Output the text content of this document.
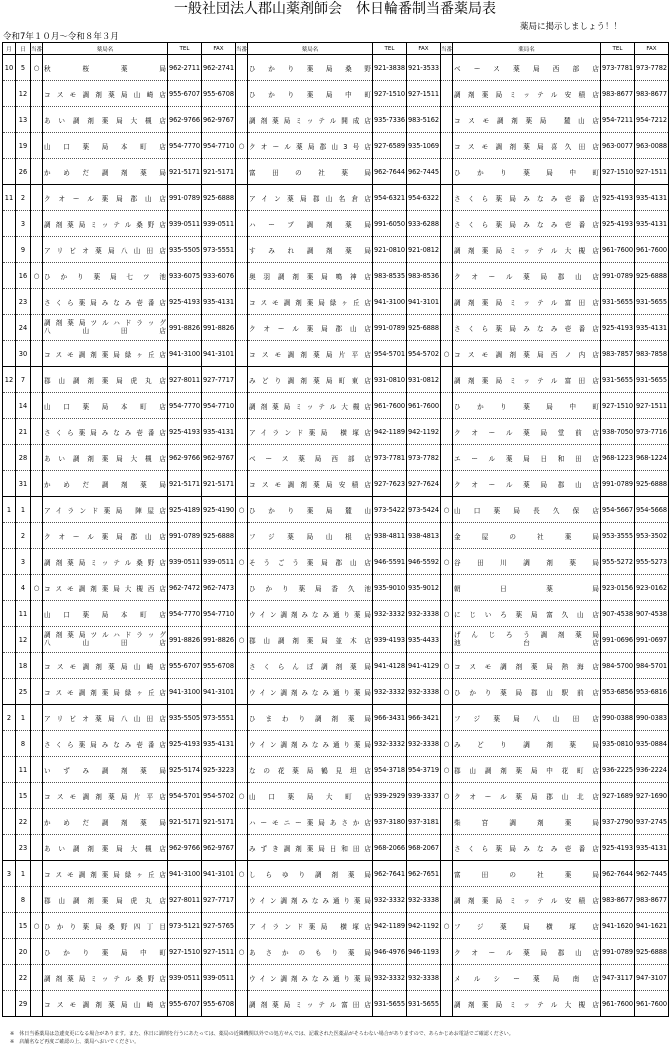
一般社団法人郡山薬剤師会　休日輪番制当番薬局表
薬局に掲示しましょう！！
令和7年１０月～令和８年３月
月	日	当番	薬局名	TEL	FAX	当番	薬局名	TEL	FAX	当番	薬局名	TEL	FAX
10	5	○	秋　桜　薬　局	962-2711	962-2741		ひかり薬局桑野	921-3838	921-3533		ベース薬局西部店	973-7781	973-7782
	12		コスモ調剤薬局山崎店	955-6707	955-6708		ひかり薬局中町	927-1510	927-1511		調剤薬局ミッテル安積店	983-8677	983-8677
	13		あい調剤薬局大槻店	962-9766	962-9767		調剤薬局ミッテル開成店	935-7336	983-5162		コスモ調剤薬局 麓山店	954-7211	954-7212
	19		山口薬局本町店	954-7770	954-7710	○	クオール薬局郡山3号店	927-6589	935-1069		コスモ調剤薬局喜久田店	963-0077	963-0088
	26		かめだ調剤薬局	921-5171	921-5171		富田の社薬局	962-7644	962-7445		ひかり薬局中町	927-1510	927-1511
11	2		クオール薬局郡山店	991-0789	925-6888		アイン薬局郡山名倉店	954-6321	954-6322		さくら薬局みなみ壱番店	925-4193	935-4131
	3		調剤薬局ミッテル桑野店	939-0511	939-0511		ハーブ調剤薬局	991-6050	933-6288		さくら薬局みなみ壱番店	925-4193	935-4131
	9		アリビオ薬局八山田店	935-5505	973-5551		すみれ調剤薬局	921-0810	921-0812		調剤薬局ミッテル大槻店	961-7600	961-7600
	16	○	ひかり薬局七ツ池	933-6075	933-6076		奥羽調剤薬局鳴神店	983-8535	983-8536		クオール薬局郡山店	991-0789	925-6888
	23		さくら薬局みなみ壱番店	925-4193	935-4131		コスモ調剤薬局緑ヶ丘店	941-3100	941-3101		調剤薬局ミッテル富田店	931-5655	931-5655
	24		調剤薬局ツルハドラッグ
八　山　田　店	991-8826	991-8826		クオール薬局郡山店	991-0789	925-6888		さくら薬局みなみ壱番店	925-4193	935-4131
	30		コスモ調剤薬局緑ヶ丘店	941-3100	941-3101		コスモ調剤薬局片平店	954-5701	954-5702	○	コスモ調剤薬局西ノ内店	983-7857	983-7858
12	7		郡山調剤薬局虎丸店	927-8011	927-7717		みどり調剤薬局町東店	931-0810	931-0812		調剤薬局ミッテル富田店	931-5655	931-5655
	14		山口薬局本町店	954-7770	954-7710		調剤薬局ミッテル大槻店	961-7600	961-7600		ひかり薬局中町	927-1510	927-1511
	21		さくら薬局みなみ壱番店	925-4193	935-4131		アイランド薬局 横塚店	942-1189	942-1192		クオール薬局堂前店	938-7050	973-7716
	28		あい調剤薬局大槻店	962-9766	962-9767		ベース薬局西部店	973-7781	973-7782		エール薬局日和田店	968-1223	968-1224
	31		かめだ調剤薬局	921-5171	921-5171		コスモ調剤薬局安積店	927-7623	927-7624		クオール薬局郡山店	991-0789	925-6888
1	1		アイランド薬局 陣屋店	925-4189	925-4190	○	ひかり薬局麓山	973-5422	973-5424	○	山口薬局長久保店	954-5667	954-5668
	2		クオール薬局郡山店	991-0789	925-6888		フジ薬局山根店	938-4811	938-4813		金屋の社薬局	953-3555	953-3502
	3		調剤薬局ミッテル桑野店	939-0511	939-0511	○	そうごう薬局郡山店	946-5591	946-5592	○	谷田川調剤薬局	955-5272	955-5273
	4	○	コスモ調剤薬局大槻西店	962-7472	962-7473		ひかり薬局香久池	935-9010	935-9012		朝日薬局	923-0156	923-0162
	11		山口薬局本町店	954-7770	954-7710		ウイン調剤みなみ通り薬局	932-3332	932-3338	○	にじいろ薬局富久山店	907-4538	907-4538
	12		調剤薬局ツルハドラッグ
八　山　田　店	991-8826	991-8826	○	郡山調剤薬局並木店	939-4193	935-4433		げんじろう調剤薬局
池　　台　　店	991-0696	991-0697
	18		コスモ調剤薬局山崎店	955-6707	955-6708		さくらんぼ調剤薬局	941-4128	941-4129	○	コスモ調剤薬局熱海店	984-5700	984-5701
	25		コスモ調剤薬局緑ヶ丘店	941-3100	941-3101		ウイン調剤みなみ通り薬局	932-3332	932-3338	○	ひかり薬局郡山駅前店	953-6856	953-6816
2	1		アリビオ薬局八山田店	935-5505	973-5551		ひまわり調剤薬局	966-3431	966-3421		フジ薬局八山田店	990-0388	990-0383
	8		さくら薬局みなみ壱番店	925-4193	935-4131		ウイン調剤みなみ通り薬局	932-3332	932-3338	○	みどり調剤薬局	935-0810	935-0884
	11		いずみ調剤薬局	925-5174	925-3223		なの花薬局鶴見坦店	954-3718	954-3719	○	郡山調剤薬局中花町店	936-2225	936-2224
	15		コスモ調剤薬局片平店	954-5701	954-5702	○	山口薬局大町店	939-2929	939-3337	○	クオール薬局郡山北店	927-1689	927-1690
	22		かめだ調剤薬局	921-5171	921-5171		ハーモニー薬局あさか店	937-3180	937-3181		柴宮調剤薬局	937-2790	937-2745
	23		あい調剤薬局大槻店	962-9766	962-9767		みずき調剤薬局日和田店	968-2066	968-2067		さくら薬局みなみ壱番店	925-4193	935-4131
3	1		コスモ調剤薬局緑ヶ丘店	941-3100	941-3101	○	しらゆり調剤薬局	962-7641	962-7651		富田の社薬局	962-7644	962-7445
	8		郡山調剤薬局虎丸店	927-8011	927-7717		ウイン調剤みなみ通り薬局	932-3332	932-3338		調剤薬局ミッテル安積店	983-8677	983-8677
	15	○	ひかり薬局桑野四丁目	973-5121	927-5765		アイランド薬局 横塚店	942-1189	942-1192	○	フジ薬局横塚店	941-1620	941-1621
	20		ひかり薬局中町	927-1510	927-1511	○	あさかのもり薬局	946-4976	946-1193		クオール薬局郡山店	991-0789	925-6888
	22		調剤薬局ミッテル桑野店	939-0511	939-0511		ウイン調剤みなみ通り薬局	932-3332	932-3338		メルシー薬局南店	947-3117	947-3107
	29		コスモ調剤薬局山崎店	955-6707	955-6708		調剤薬局ミッテル富田店	931-5655	931-5655		調剤薬局ミッテル大槻店	961-7600	961-7600
※　休日当番薬局は急遽変更になる場合があります。また、休日に調剤を行うにあたっては、薬局の近隣機関以外での処方せんでは、記載された医薬品がそろわない場合がありますので、あらかじめお電話でご確認ください。
※　店舗名など再度ご確認の上、薬局へおいでください。
